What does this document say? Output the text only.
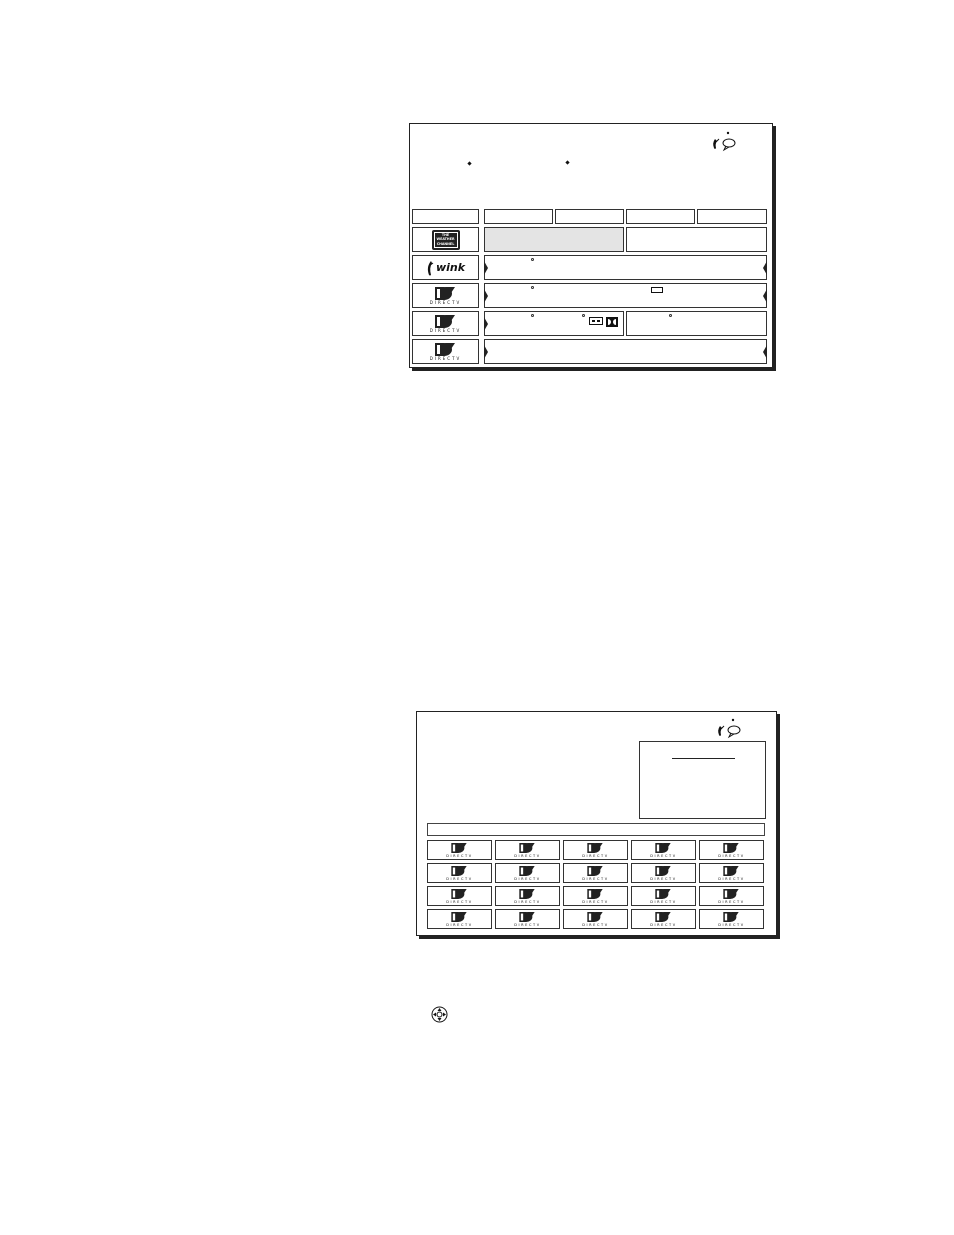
THE WEATHER CHANNEL
wink
DIRECTV
DIRECTV
DIRECTV
DIRECTV	DIRECTV	DIRECTV	DIRECTV	DIRECTV
DIRECTV	DIRECTV	DIRECTV	DIRECTV	DIRECTV
DIRECTV	DIRECTV	DIRECTV	DIRECTV	DIRECTV
DIRECTV	DIRECTV	DIRECTV	DIRECTV	DIRECTV
